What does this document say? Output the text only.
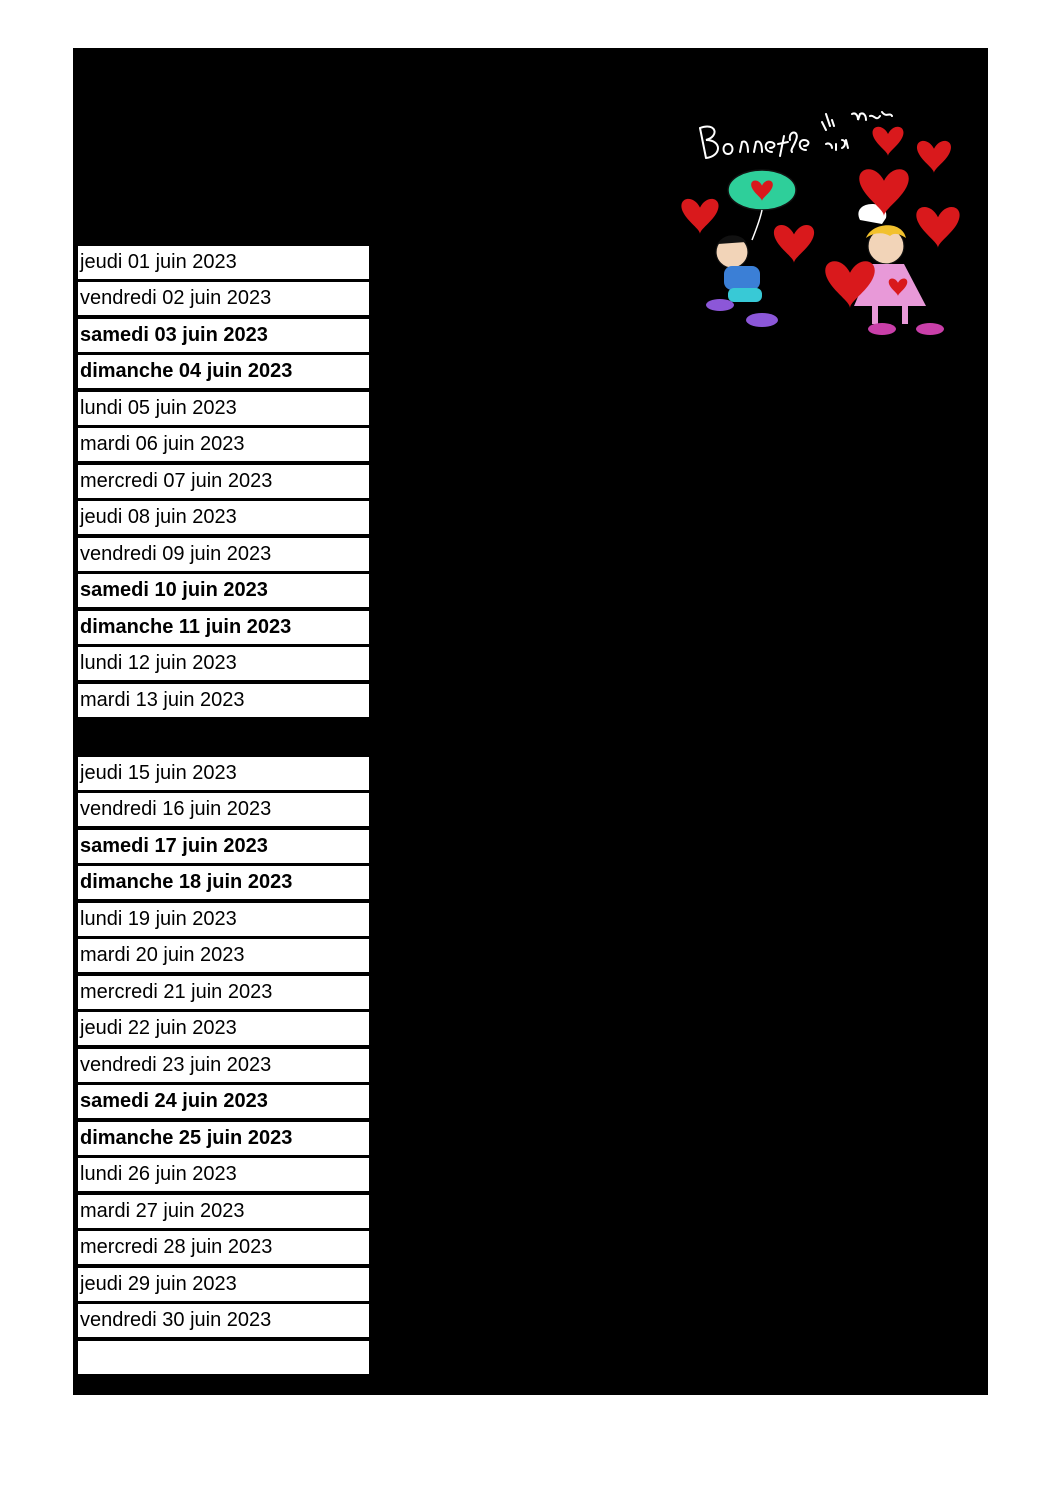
jeudi 01 juin 2023
vendredi 02 juin 2023
samedi 03 juin 2023
dimanche 04 juin 2023
lundi 05 juin 2023
mardi 06 juin 2023
mercredi 07 juin 2023
jeudi 08 juin 2023
vendredi 09 juin 2023
samedi 10 juin 2023
dimanche 11 juin 2023
lundi 12 juin 2023
mardi 13 juin 2023
jeudi 15 juin 2023
vendredi 16 juin 2023
samedi 17 juin 2023
dimanche 18 juin 2023
lundi 19 juin 2023
mardi 20 juin 2023
mercredi 21 juin 2023
jeudi 22 juin 2023
vendredi 23 juin 2023
samedi 24 juin 2023
dimanche 25 juin 2023
lundi 26 juin 2023
mardi 27 juin 2023
mercredi 28 juin 2023
jeudi 29 juin 2023
vendredi 30 juin 2023
